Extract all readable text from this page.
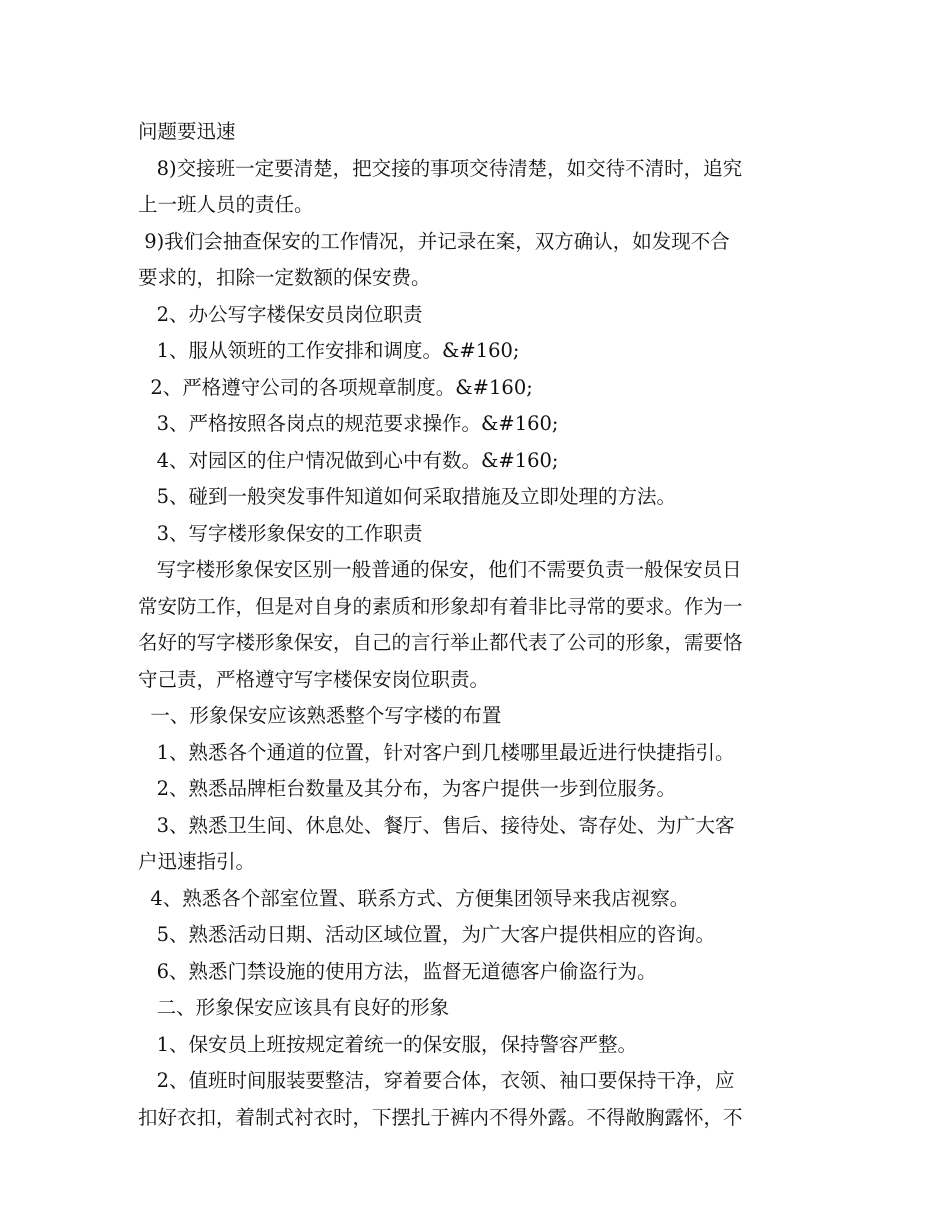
问题要迅速
8)交接班一定要清楚，把交接的事项交待清楚，如交待不清时，追究
上一班人员的责任。
9)我们会抽查保安的工作情况，并记录在案，双方确认，如发现不合
要求的，扣除一定数额的保安费。
2、办公写字楼保安员岗位职责
1、服从领班的工作安排和调度。&#160;
2、严格遵守公司的各项规章制度。&#160;
3、严格按照各岗点的规范要求操作。&#160;
4、对园区的住户情况做到心中有数。&#160;
5、碰到一般突发事件知道如何采取措施及立即处理的方法。
3、写字楼形象保安的工作职责
写字楼形象保安区别一般普通的保安，他们不需要负责一般保安员日
常安防工作，但是对自身的素质和形象却有着非比寻常的要求。作为一
名好的写字楼形象保安，自己的言行举止都代表了公司的形象，需要恪
守己责，严格遵守写字楼保安岗位职责。
一、形象保安应该熟悉整个写字楼的布置
1、熟悉各个通道的位置，针对客户到几楼哪里最近进行快捷指引。
2、熟悉品牌柜台数量及其分布，为客户提供一步到位服务。
3、熟悉卫生间、休息处、餐厅、售后、接待处、寄存处、为广大客
户迅速指引。
4、熟悉各个部室位置、联系方式、方便集团领导来我店视察。
5、熟悉活动日期、活动区域位置，为广大客户提供相应的咨询。
6、熟悉门禁设施的使用方法，监督无道德客户偷盗行为。
二、形象保安应该具有良好的形象
1、保安员上班按规定着统一的保安服，保持警容严整。
2、值班时间服装要整洁，穿着要合体，衣领、袖口要保持干净，应
扣好衣扣，着制式衬衣时，下摆扎于裤内不得外露。不得敞胸露怀，不
